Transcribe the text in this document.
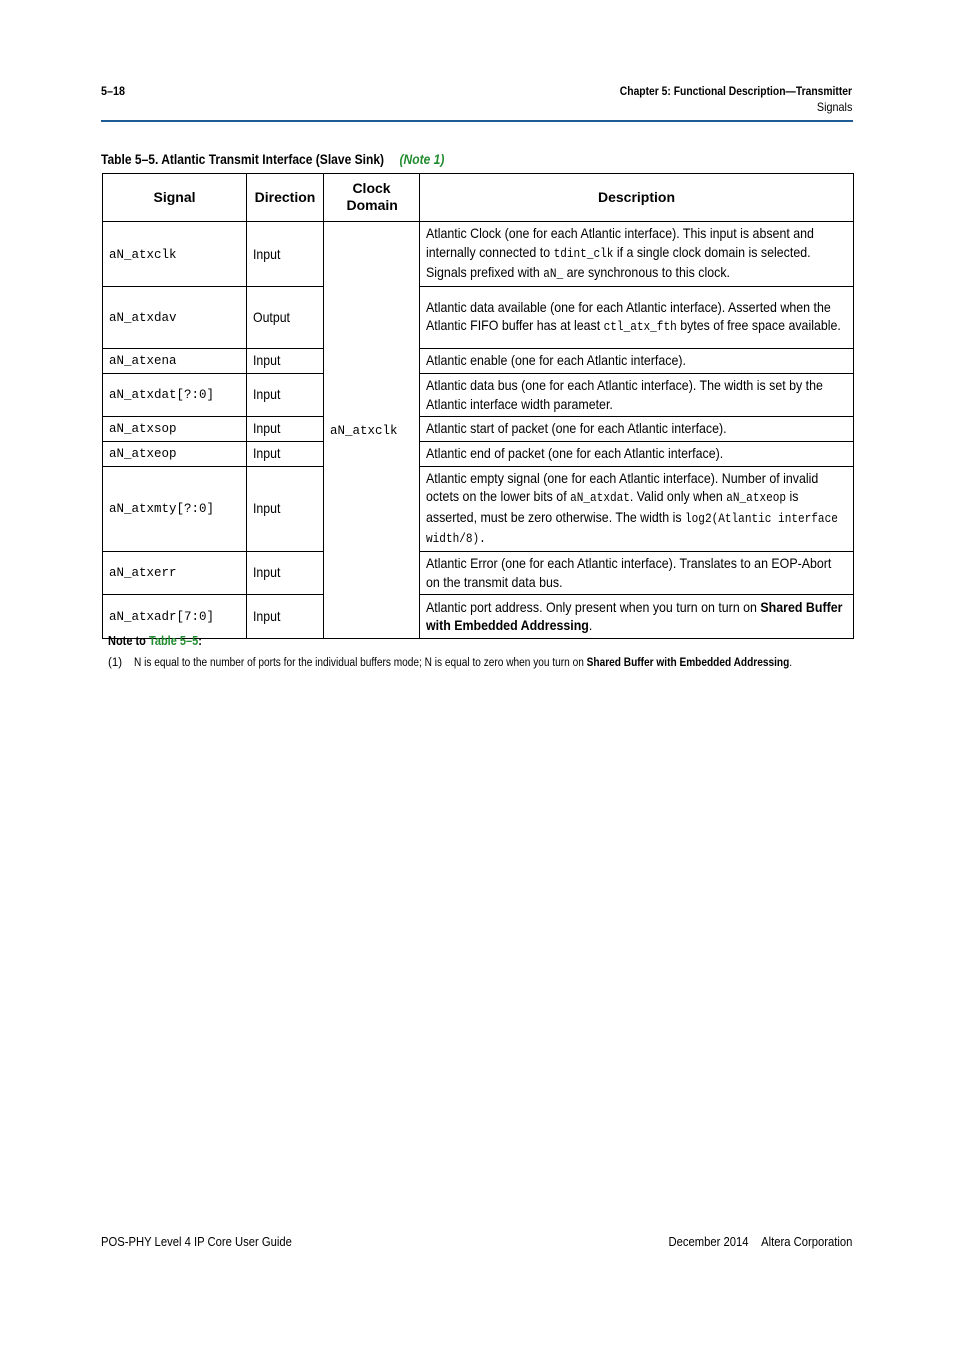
5–18	Chapter 5: Functional Description—Transmitter
Signals
Table 5–5. Atlantic Transmit Interface (Slave Sink) (Note 1)
Signal	Direction	Clock Domain	Description
aN_atxclk	Input	aN_atxclk	Atlantic Clock (one for each Atlantic interface). This input is absent and internally connected to tdint_clk if a single clock domain is selected. Signals prefixed with aN_ are synchronous to this clock.

aN_atxdav	Output		Atlantic data available (one for each Atlantic interface). Asserted when the Atlantic FIFO buffer has at least ctl_atx_fth bytes of free space available.

aN_atxena	Input		Atlantic enable (one for each Atlantic interface).

aN_atxdat[?:0]	Input		Atlantic data bus (one for each Atlantic interface). The width is set by the Atlantic interface width parameter.

aN_atxsop	Input		Atlantic start of packet (one for each Atlantic interface).

aN_atxeop	Input		Atlantic end of packet (one for each Atlantic interface).

aN_atxmty[?:0]	Input		Atlantic empty signal (one for each Atlantic interface). Number of invalid octets on the lower bits of aN_atxdat. Valid only when aN_atxeop is asserted, must be zero otherwise. The width is log2(Atlantic interface width/8).

aN_atxerr	Input		Atlantic Error (one for each Atlantic interface). Translates to an EOP-Abort on the transmit data bus.

aN_atxadr[7:0]	Input		Atlantic port address. Only present when you turn on turn on Shared Buffer with Embedded Addressing.
Note to Table 5–5:
(1) N is equal to the number of ports for the individual buffers mode; N is equal to zero when you turn on Shared Buffer with Embedded Addressing.
POS-PHY Level 4 IP Core User Guide	December 2014 Altera Corporation
